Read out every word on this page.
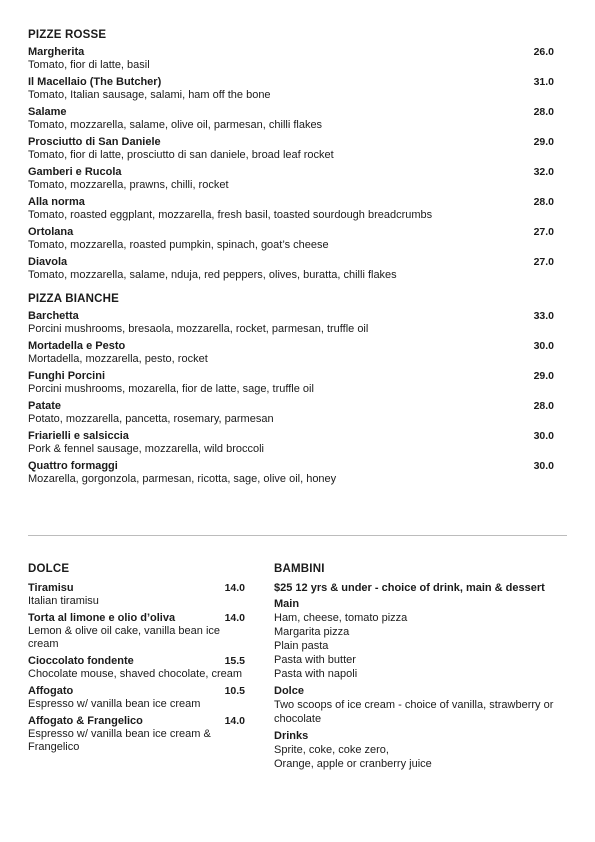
PIZZE ROSSE
Margherita	26.0
Tomato, fior di latte, basil
Il Macellaio (The Butcher)	31.0
Tomato, Italian sausage, salami, ham off the bone
Salame	28.0
Tomato, mozzarella, salame, olive oil, parmesan, chilli flakes
Prosciutto di San Daniele	29.0
Tomato, fior di latte, prosciutto di san daniele, broad leaf rocket
Gamberi e Rucola	32.0
Tomato, mozzarella, prawns, chilli, rocket
Alla norma	28.0
Tomato, roasted eggplant, mozzarella, fresh basil, toasted sourdough breadcrumbs
Ortolana	27.0
Tomato, mozzarella, roasted pumpkin, spinach, goat’s cheese
Diavola	27.0
Tomato, mozzarella, salame, nduja, red peppers, olives, buratta, chilli flakes
PIZZA BIANCHE
Barchetta	33.0
Porcini mushrooms, bresaola, mozzarella, rocket, parmesan, truffle oil
Mortadella e Pesto	30.0
Mortadella, mozzarella, pesto, rocket
Funghi Porcini	29.0
Porcini mushrooms, mozarella, fior de latte, sage, truffle oil
Patate	28.0
Potato, mozzarella, pancetta, rosemary, parmesan
Friarielli e salsiccia	30.0
Pork & fennel sausage, mozzarella, wild broccoli
Quattro formaggi	30.0
Mozarella, gorgonzola, parmesan, ricotta, sage, olive oil, honey
DOLCE
Tiramisu	14.0
Italian tiramisu
Torta al limone e olio d’oliva	14.0
Lemon & olive oil cake, vanilla bean ice cream
Cioccolato fondente	15.5
Chocolate mouse, shaved chocolate, cream
Affogato	10.5
Espresso w/ vanilla bean ice cream
Affogato & Frangelico	14.0
Espresso w/ vanilla bean ice cream & Frangelico
BAMBINI
$25 12 yrs & under - choice of drink, main & dessert
Main
Ham, cheese, tomato pizza
Margarita pizza
Plain pasta
Pasta with butter
Pasta with napoli
Dolce
Two scoops of ice cream - choice of vanilla, strawberry or chocolate
Drinks
Sprite, coke, coke zero,
Orange, apple or cranberry juice
